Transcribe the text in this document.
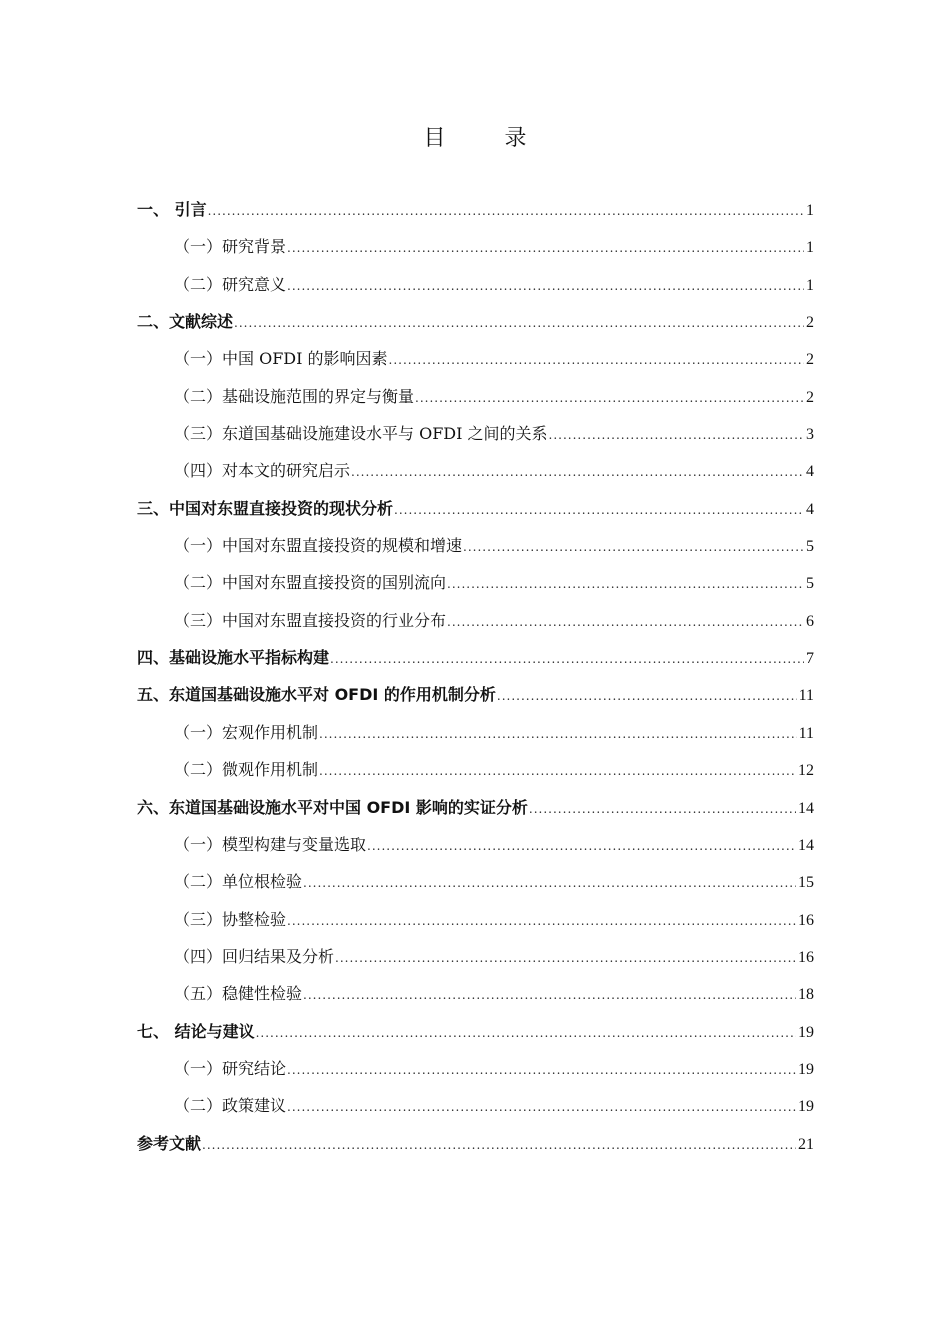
目 录
一、 引言 .....	1
（一）研究背景 .....	1
（二）研究意义 .....	1
二、文献综述 .....	2
（一）中国 OFDI 的影响因素 .....	2
（二）基础设施范围的界定与衡量 .....	2
（三）东道国基础设施建设水平与 OFDI 之间的关系 .....	3
（四）对本文的研究启示 .....	4
三、中国对东盟直接投资的现状分析 .....	4
（一）中国对东盟直接投资的规模和增速 .....	5
（二）中国对东盟直接投资的国别流向 .....	5
（三）中国对东盟直接投资的行业分布 .....	6
四、基础设施水平指标构建 .....	7
五、东道国基础设施水平对 OFDI 的作用机制分析 .....	11
（一）宏观作用机制 .....	11
（二）微观作用机制 .....	12
六、东道国基础设施水平对中国 OFDI 影响的实证分析 .....	14
（一）模型构建与变量选取 .....	14
（二）单位根检验 .....	15
（三）协整检验 .....	16
（四）回归结果及分析 .....	16
（五）稳健性检验 .....	18
七、 结论与建议 .....	19
（一）研究结论 .....	19
（二）政策建议 .....	19
参考文献 .....	21
